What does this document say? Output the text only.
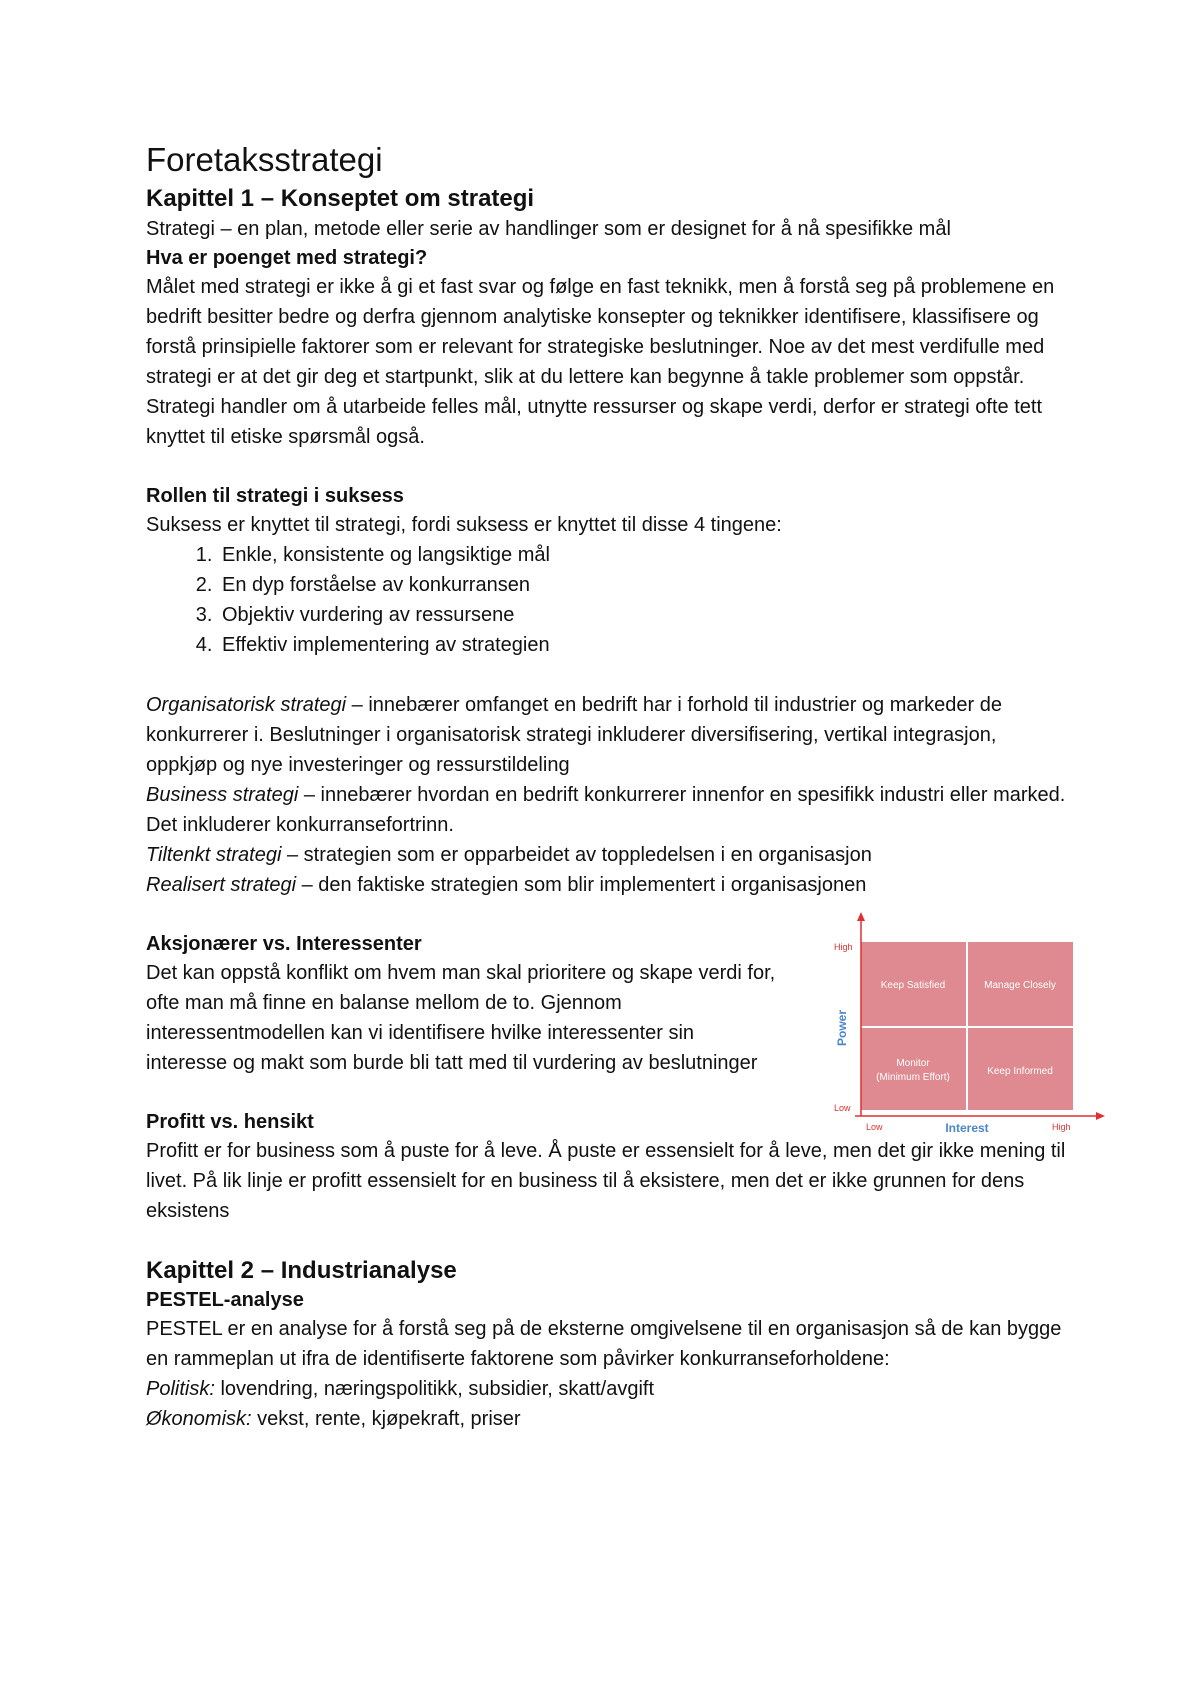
Foretaksstrategi
Kapittel 1 – Konseptet om strategi

Strategi – en plan, metode eller serie av handlinger som er designet for å nå spesifikke mål

Hva er poenget med strategi?

Målet med strategi er ikke å gi et fast svar og følge en fast teknikk, men å forstå seg på problemene en bedrift besitter bedre og derfra gjennom analytiske konsepter og teknikker identifisere, klassifisere og forstå prinsipielle faktorer som er relevant for strategiske beslutninger. Noe av det mest verdifulle med strategi er at det gir deg et startpunkt, slik at du lettere kan begynne å takle problemer som oppstår. Strategi handler om å utarbeide felles mål, utnytte ressurser og skape verdi, derfor er strategi ofte tett knyttet til etiske spørsmål også.

Rollen til strategi i suksess

Suksess er knyttet til strategi, fordi suksess er knyttet til disse 4 tingene:

1. Enkle, konsistente og langsiktige mål
2. En dyp forståelse av konkurransen
3. Objektiv vurdering av ressursene
4. Effektiv implementering av strategien

Organisatorisk strategi – innebærer omfanget en bedrift har i forhold til industrier og markeder de konkurrerer i. Beslutninger i organisatorisk strategi inkluderer diversifisering, vertikal integrasjon, oppkjøp og nye investeringer og ressurstildeling

Business strategi – innebærer hvordan en bedrift konkurrerer innenfor en spesifikk industri eller marked. Det inkluderer konkurransefortrinn.

Tiltenkt strategi – strategien som er opparbeidet av toppledelsen i en organisasjon

Realisert strategi – den faktiske strategien som blir implementert i organisasjonen

Aksjonærer vs. Interessenter

Det kan oppstå konflikt om hvem man skal prioritere og skape verdi for, ofte man må finne en balanse mellom de to. Gjennom interessentmodellen kan vi identifisere hvilke interessenter sin interesse og makt som burde bli tatt med til vurdering av beslutninger

Keep Satisfied	Manage Closely
Monitor
(Minimum Effort)
Keep Informed
High
Low
Low	High
Interest
Power
Profitt vs. hensikt

Profitt er for business som å puste for å leve. Å puste er essensielt for å leve, men det gir ikke mening til livet. På lik linje er profitt essensielt for en business til å eksistere, men det er ikke grunnen for dens eksistens

Kapittel 2 – Industrianalyse
PESTEL-analyse

PESTEL er en analyse for å forstå seg på de eksterne omgivelsene til en organisasjon så de kan bygge en rammeplan ut ifra de identifiserte faktorene som påvirker konkurranseforholdene:

Politisk: lovendring, næringspolitikk, subsidier, skatt/avgift

Økonomisk: vekst, rente, kjøpekraft, priser
